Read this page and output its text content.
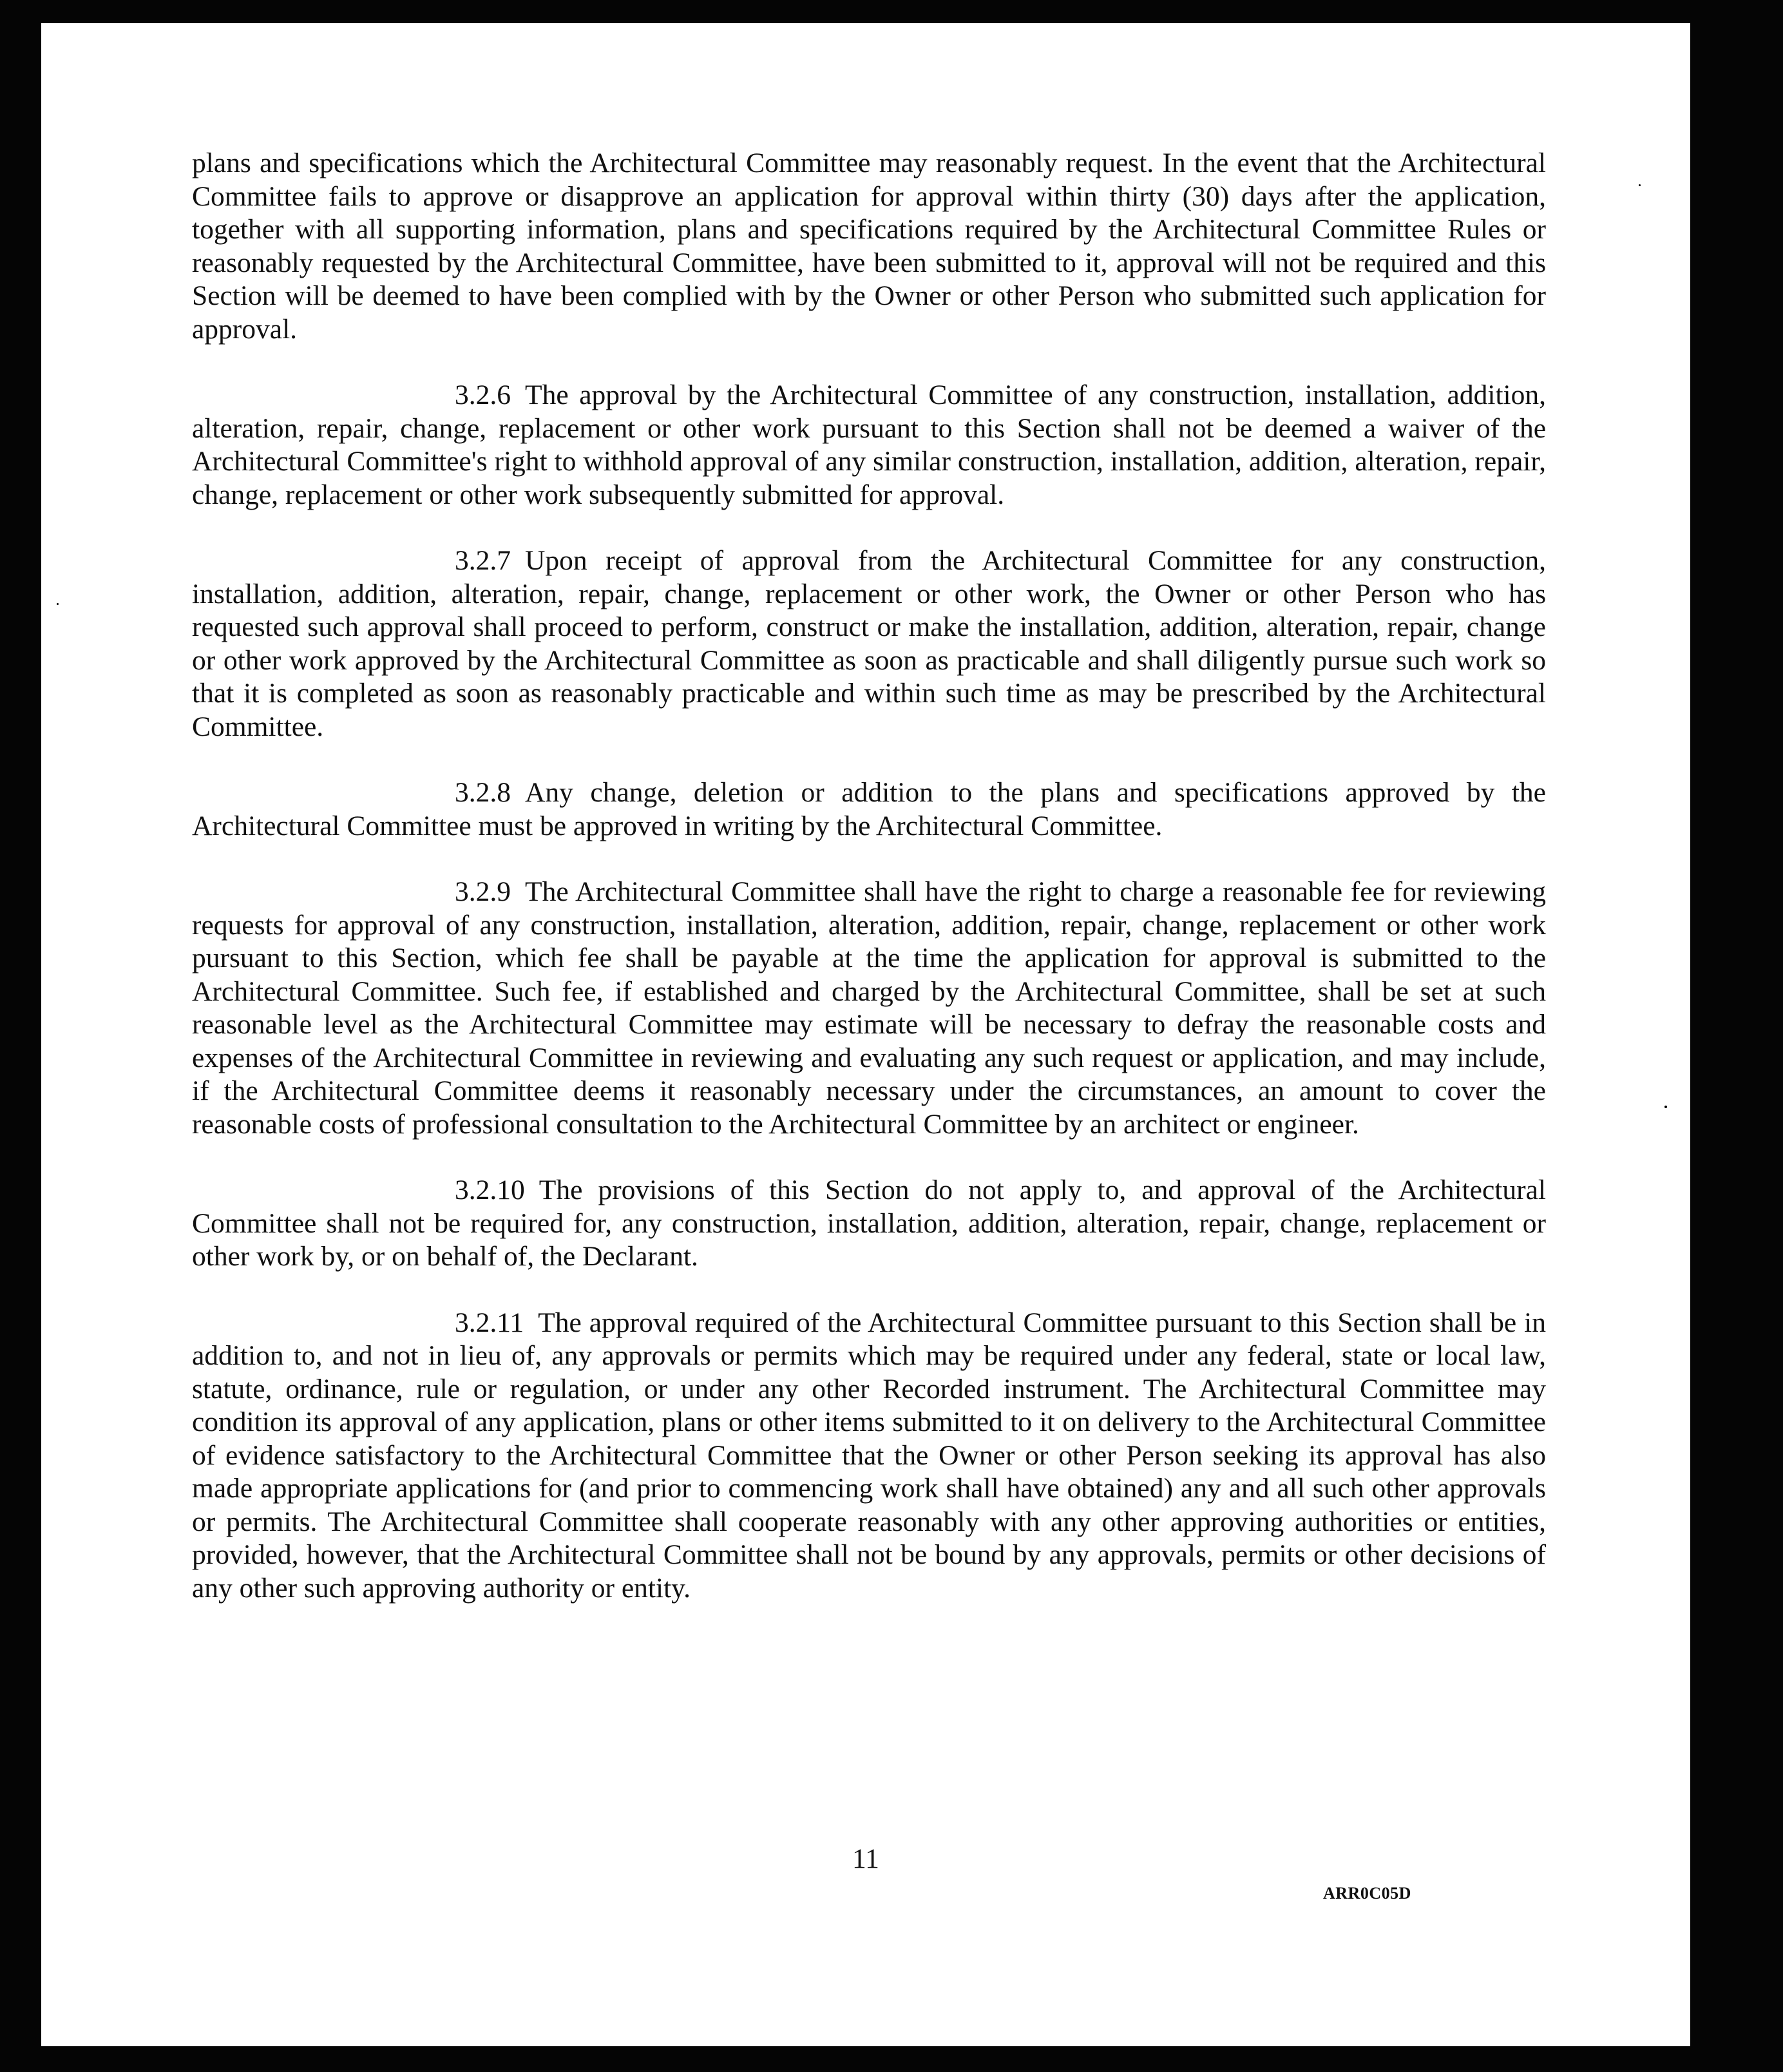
plans and specifications which the Architectural Committee may reasonably request. In the event that the Architectural Committee fails to approve or disapprove an application for approval within thirty (30) days after the application, together with all supporting information, plans and specifications required by the Architectural Committee Rules or reasonably requested by the Architectural Committee, have been submitted to it, approval will not be required and this Section will be deemed to have been complied with by the Owner or other Person who submitted such application for approval.

3.2.6 The approval by the Architectural Committee of any construction, installation, addition, alteration, repair, change, replacement or other work pursuant to this Section shall not be deemed a waiver of the Architectural Committee's right to withhold approval of any similar construction, installation, addition, alteration, repair, change, replacement or other work subsequently submitted for approval.

3.2.7 Upon receipt of approval from the Architectural Committee for any construction, installation, addition, alteration, repair, change, replacement or other work, the Owner or other Person who has requested such approval shall proceed to perform, construct or make the installation, addition, alteration, repair, change or other work approved by the Architectural Committee as soon as practicable and shall diligently pursue such work so that it is completed as soon as reasonably practicable and within such time as may be prescribed by the Architectural Committee.

3.2.8 Any change, deletion or addition to the plans and specifications approved by the Architectural Committee must be approved in writing by the Architectural Committee.

3.2.9 The Architectural Committee shall have the right to charge a reasonable fee for reviewing requests for approval of any construction, installation, alteration, addition, repair, change, replacement or other work pursuant to this Section, which fee shall be payable at the time the application for approval is submitted to the Architectural Committee. Such fee, if established and charged by the Architectural Committee, shall be set at such reasonable level as the Architectural Committee may estimate will be necessary to defray the reasonable costs and expenses of the Architectural Committee in reviewing and evaluating any such request or application, and may include, if the Architectural Committee deems it reasonably necessary under the circumstances, an amount to cover the reasonable costs of professional consultation to the Architectural Committee by an architect or engineer.

3.2.10 The provisions of this Section do not apply to, and approval of the Architectural Committee shall not be required for, any construction, installation, addition, alteration, repair, change, replacement or other work by, or on behalf of, the Declarant.

3.2.11 The approval required of the Architectural Committee pursuant to this Section shall be in addition to, and not in lieu of, any approvals or permits which may be required under any federal, state or local law, statute, ordinance, rule or regulation, or under any other Recorded instrument. The Architectural Committee may condition its approval of any application, plans or other items submitted to it on delivery to the Architectural Committee of evidence satisfactory to the Architectural Committee that the Owner or other Person seeking its approval has also made appropriate applications for (and prior to commencing work shall have obtained) any and all such other approvals or permits. The Architectural Committee shall cooperate reasonably with any other approving authorities or entities, provided, however, that the Architectural Committee shall not be bound by any approvals, permits or other decisions of any other such approving authority or entity.

11
ARR0C05D
